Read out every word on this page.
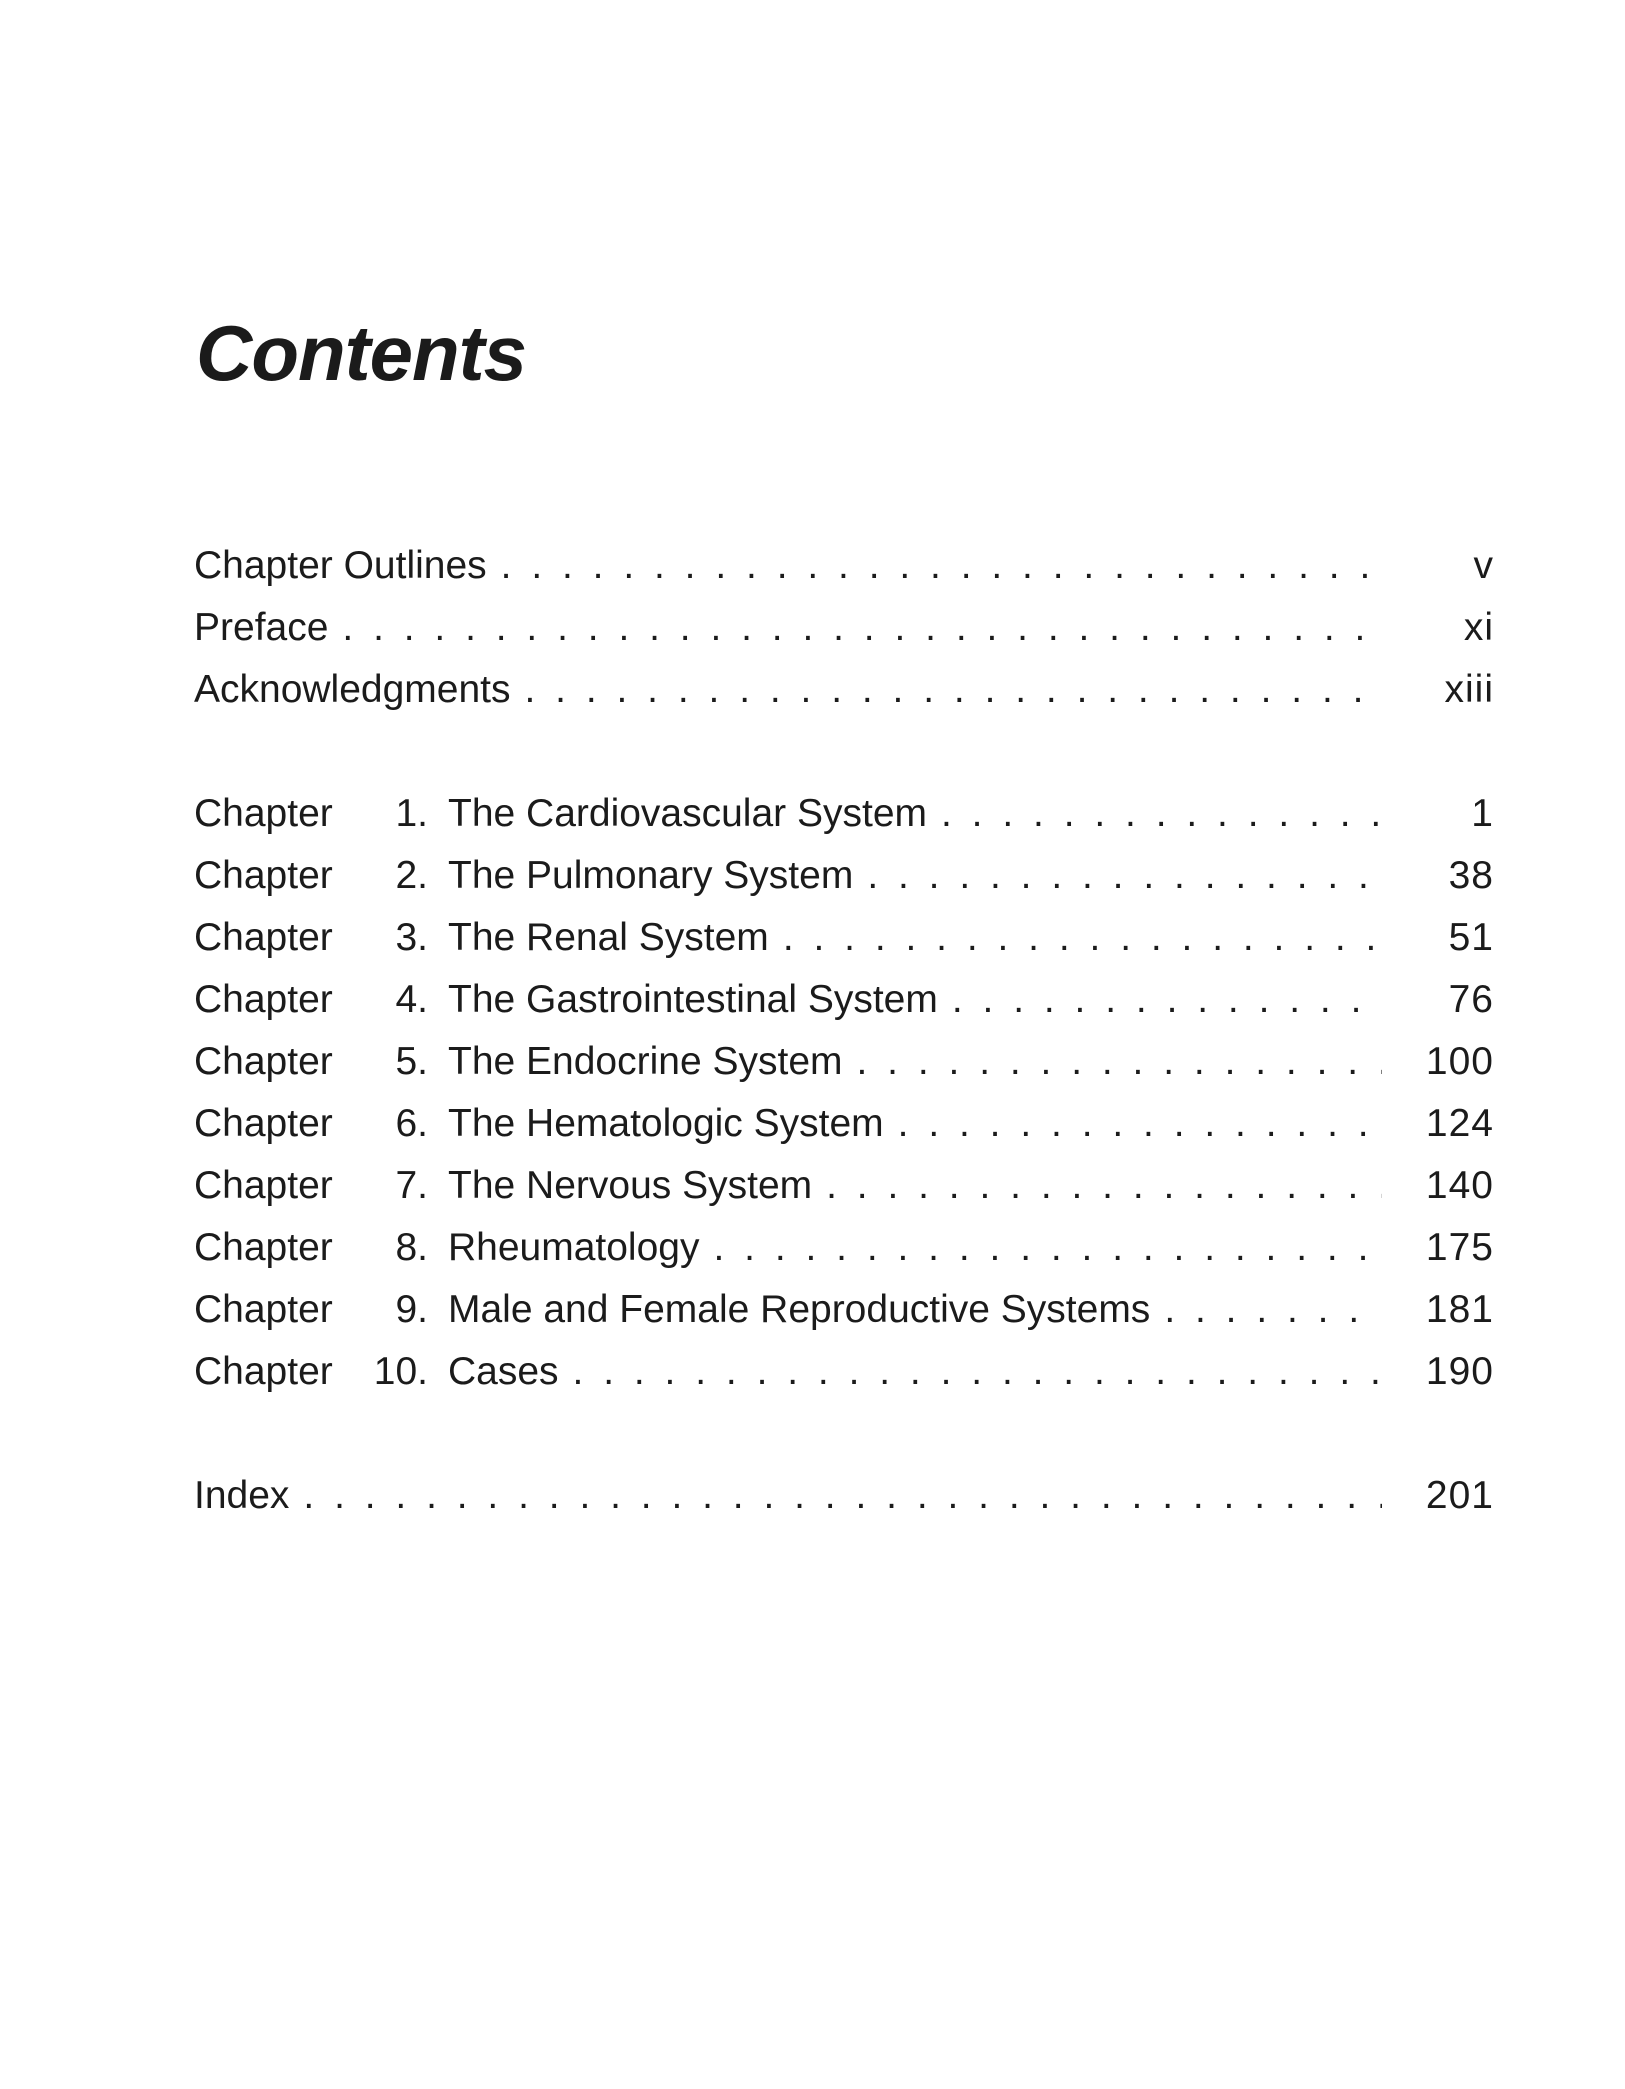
Contents
Chapter Outlines . . .	v
Preface . . .	xi
Acknowledgments . . .	xiii
Chapter	1. The Cardiovascular System . . .	1
Chapter	2. The Pulmonary System . . .	38
Chapter	3. The Renal System . . .	51
Chapter	4. The Gastrointestinal System . . .	76
Chapter	5. The Endocrine System . . .	100
Chapter	6. The Hematologic System . . .	124
Chapter	7. The Nervous System . . .	140
Chapter	8. Rheumatology . . .	175
Chapter	9. Male and Female Reproductive Systems . . .	181
Chapter	10. Cases . . .	190
Index . . .	201
